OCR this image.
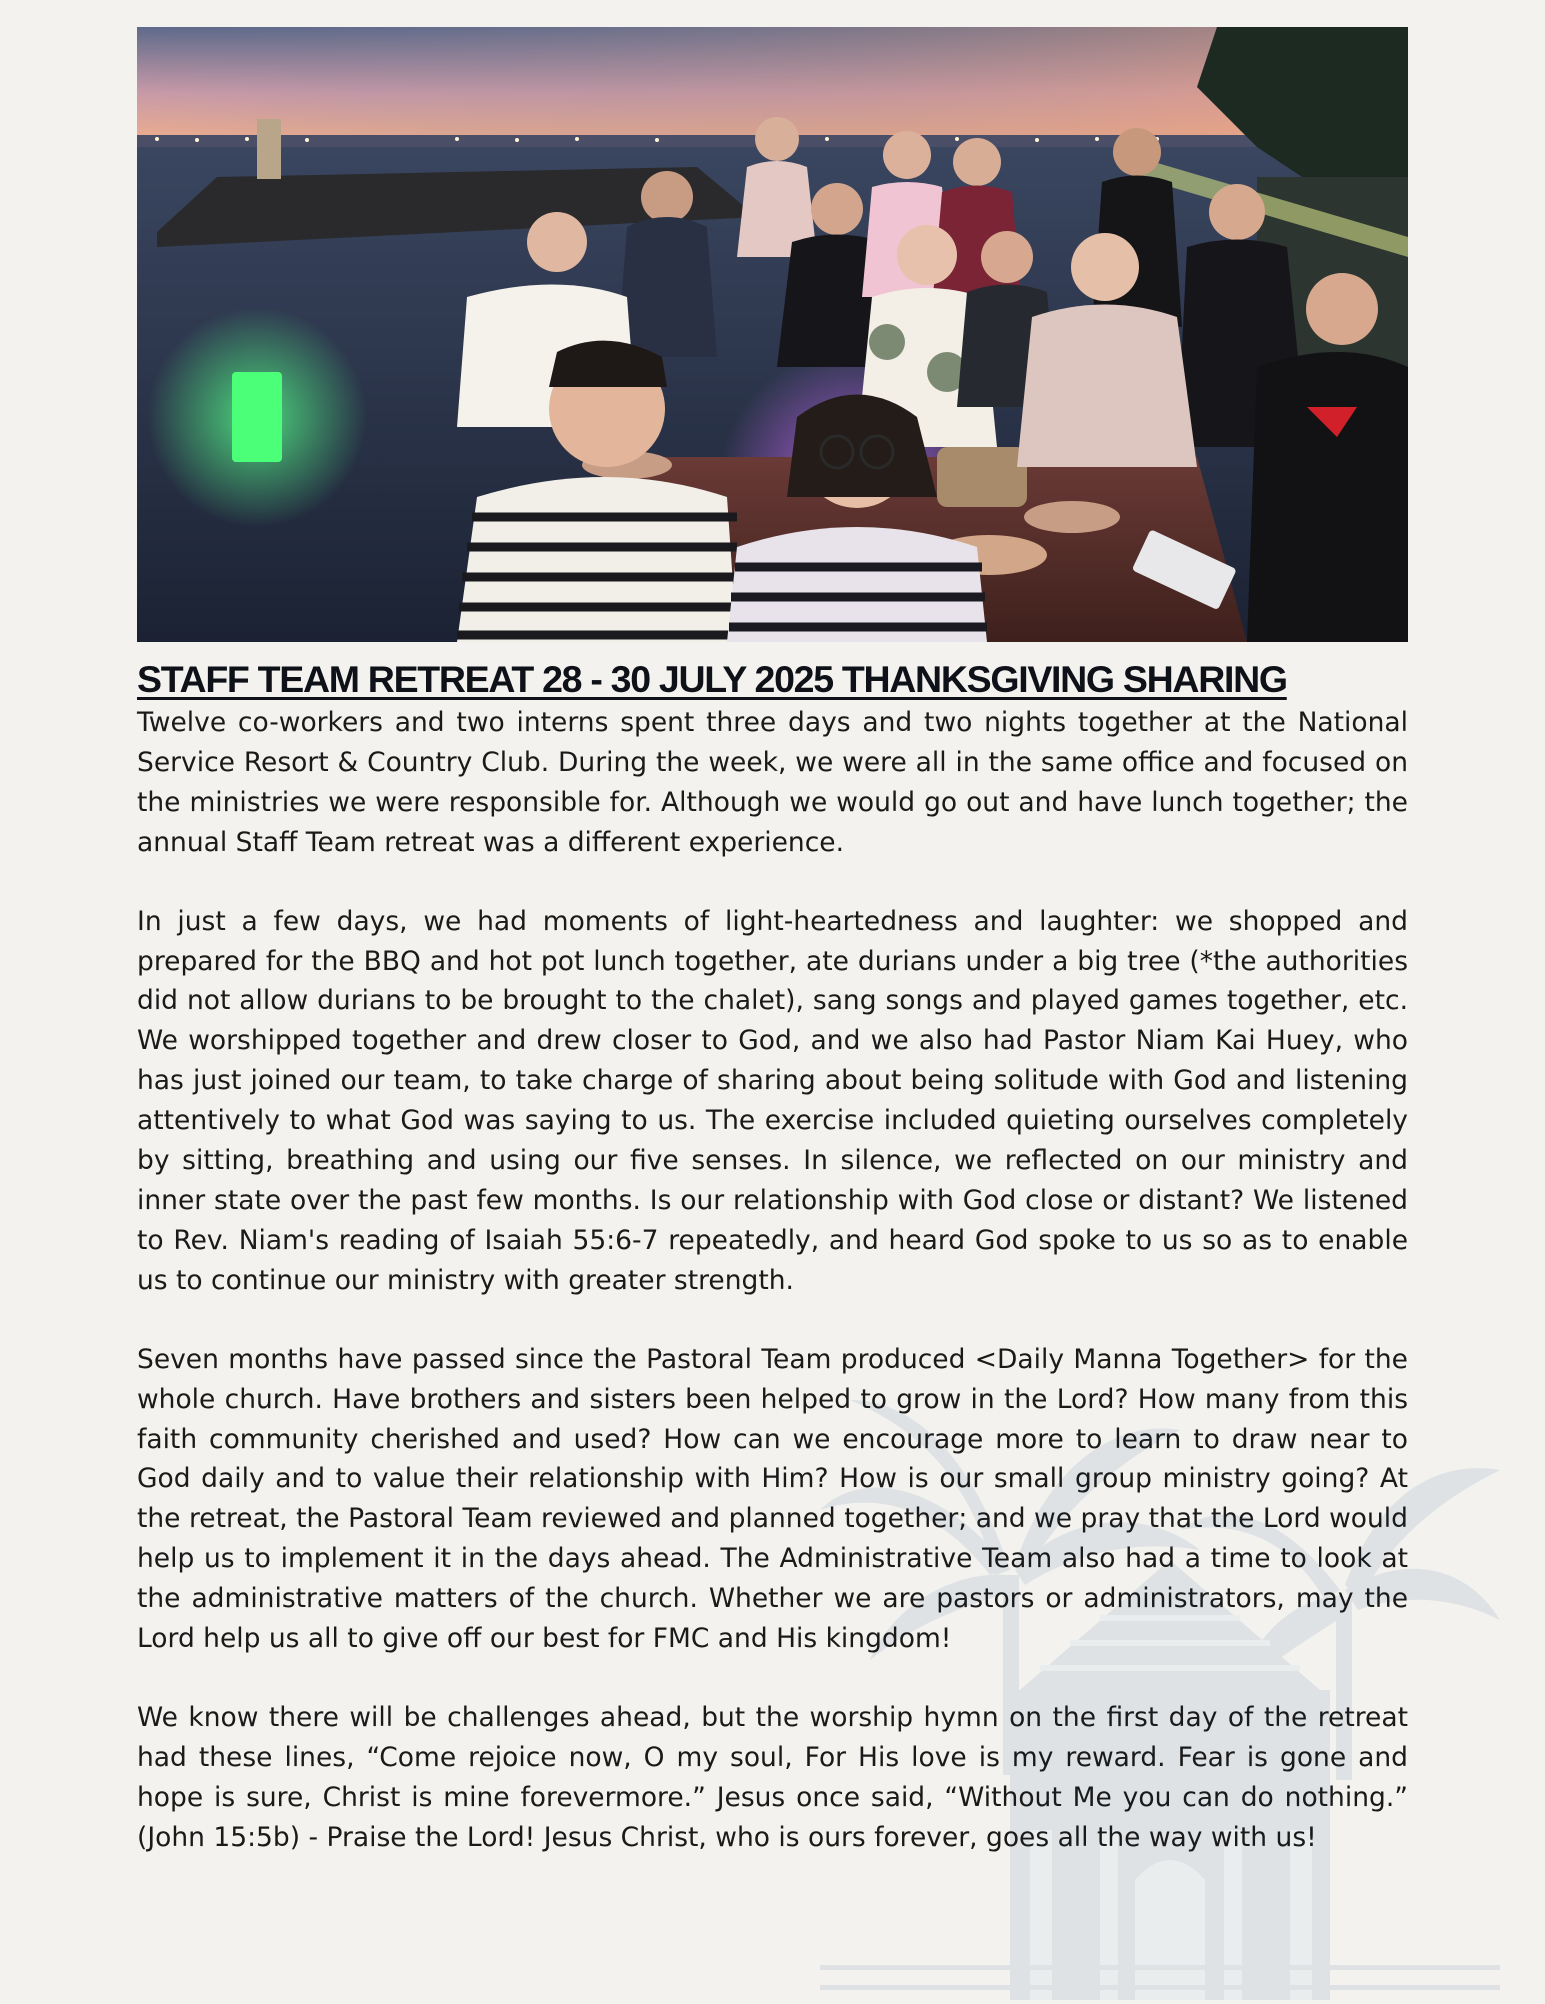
STAFF TEAM RETREAT 28 - 30 JULY 2025 THANKSGIVING SHARING

Twelve co-workers and two interns spent three days and two nights together at the National Service Resort & Country Club. During the week, we were all in the same office and focused on the ministries we were responsible for. Although we would go out and have lunch together; the annual Staff Team retreat was a different experience.

In just a few days, we had moments of light-heartedness and laughter: we shopped and prepared for the BBQ and hot pot lunch together, ate durians under a big tree (*the authorities did not allow durians to be brought to the chalet), sang songs and played games together, etc. We worshipped together and drew closer to God, and we also had Pastor Niam Kai Huey, who has just joined our team, to take charge of sharing about being solitude with God and listening attentively to what God was saying to us. The exercise included quieting ourselves completely by sitting, breathing and using our five senses. In silence, we reflected on our ministry and inner state over the past few months. Is our relationship with God close or distant? We listened to Rev. Niam's reading of Isaiah 55:6-7 repeatedly, and heard God spoke to us so as to enable us to continue our ministry with greater strength.

Seven months have passed since the Pastoral Team produced <Daily Manna Together> for the whole church. Have brothers and sisters been helped to grow in the Lord? How many from this faith community cherished and used? How can we encourage more to learn to draw near to God daily and to value their relationship with Him? How is our small group ministry going? At the retreat, the Pastoral Team reviewed and planned together; and we pray that the Lord would help us to implement it in the days ahead. The Administrative Team also had a time to look at the administrative matters of the church. Whether we are pastors or administrators, may the Lord help us all to give off our best for FMC and His kingdom!

We know there will be challenges ahead, but the worship hymn on the first day of the retreat had these lines, “Come rejoice now, O my soul, For His love is my reward. Fear is gone and hope is sure, Christ is mine forevermore.” Jesus once said, “Without Me you can do nothing.” (John 15:5b) - Praise the Lord! Jesus Christ, who is ours forever, goes all the way with us!
